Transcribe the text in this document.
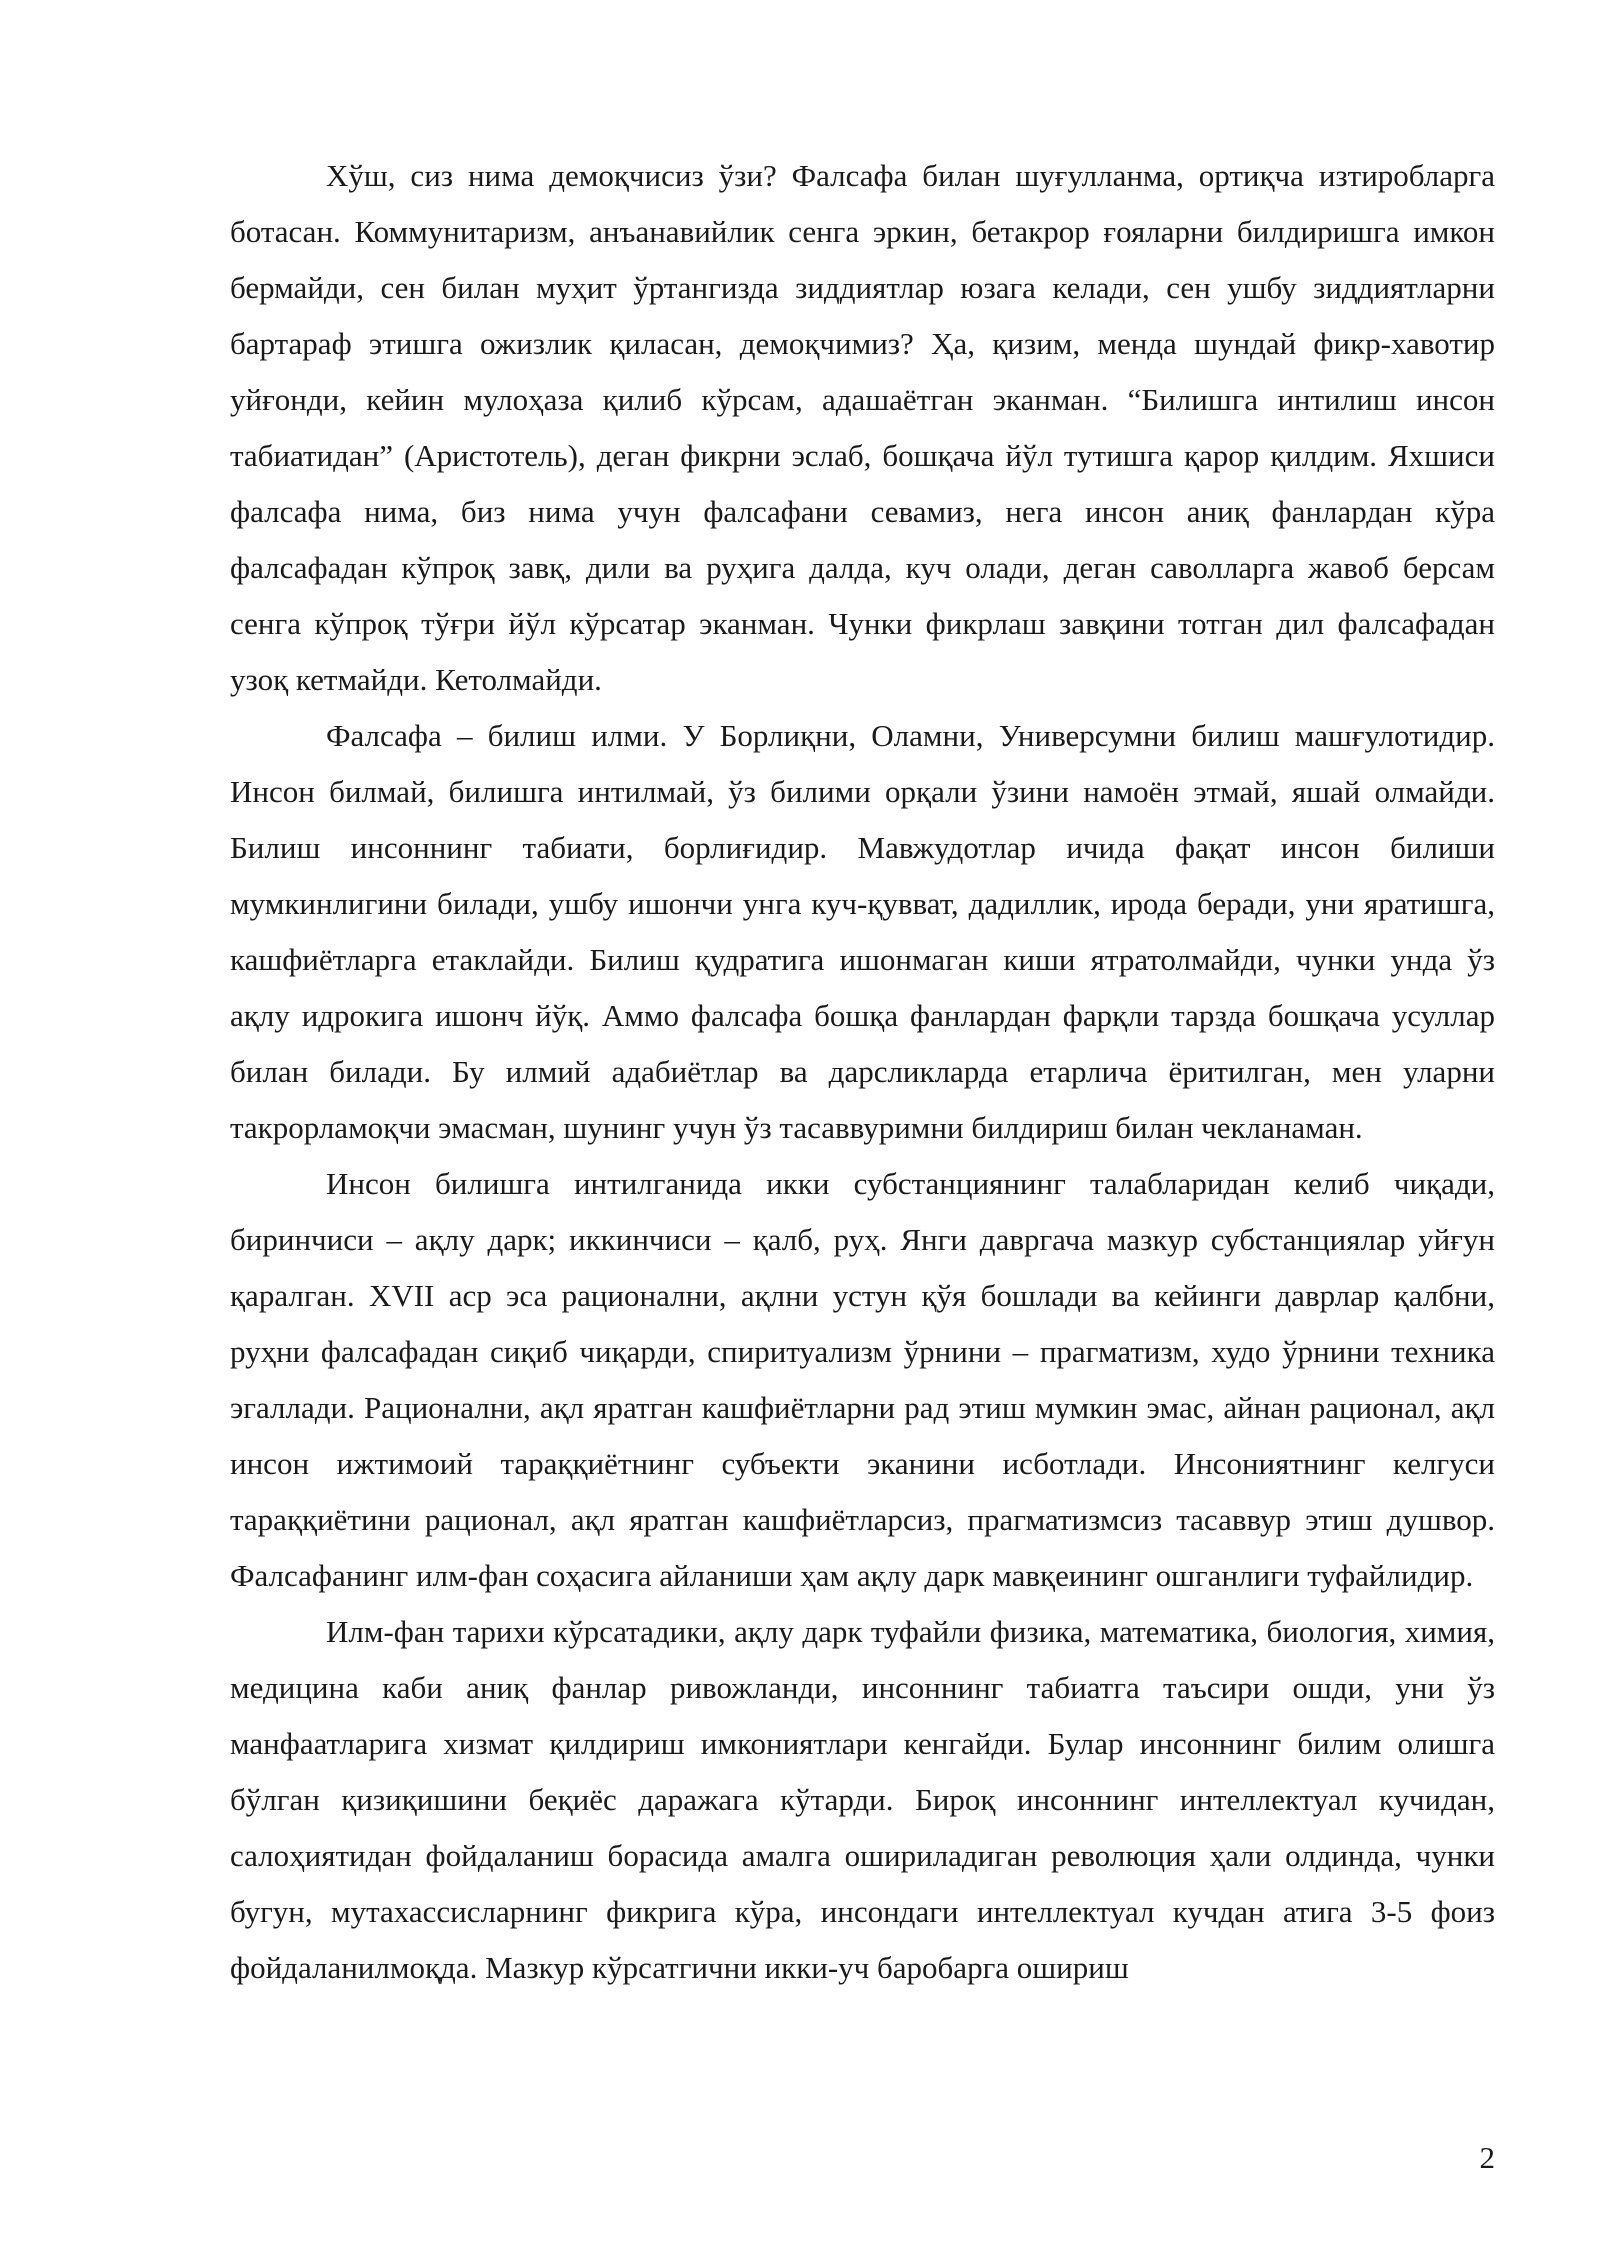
Хўш, сиз нима демоқчисиз ўзи? Фалсафа билан шуғулланма, ортиқча изтиробларга ботасан. Коммунитаризм, анъанавийлик сенга эркин, бетакрор ғояларни билдиришга имкон бермайди, сен билан муҳит ўртангизда зиддиятлар юзага келади, сен ушбу зиддиятларни бартараф этишга ожизлик қиласан, демоқчимиз? Ҳа, қизим, менда шундай фикр-хавотир уйғонди, кейин мулоҳаза қилиб кўрсам, адашаётган эканман. “Билишга интилиш инсон табиатидан” (Аристотель), деган фикрни эслаб, бошқача йўл тутишга қарор қилдим. Яхшиси фалсафа нима, биз нима учун фалсафани севамиз, нега инсон аниқ фанлардан кўра фалсафадан кўпроқ завқ, дили ва руҳига далда, куч олади, деган саволларга жавоб берсам сенга кўпроқ тўғри йўл кўрсатар эканман. Чунки фикрлаш завқини тотган дил фалсафадан узоқ кетмайди. Кетолмайди.

Фалсафа – билиш илми. У Борлиқни, Оламни, Универсумни билиш машғулотидир. Инсон билмай, билишга интилмай, ўз билими орқали ўзини намоён этмай, яшай олмайди. Билиш инсоннинг табиати, борлиғидир. Мавжудотлар ичида фақат инсон билиши мумкинлигини билади, ушбу ишончи унга куч-қувват, дадиллик, ирода беради, уни яратишга, кашфиётларга етаклайди. Билиш қудратига ишонмаган киши ятратолмайди, чунки унда ўз ақлу идрокига ишонч йўқ. Аммо фалсафа бошқа фанлардан фарқли тарзда бошқача усуллар билан билади. Бу илмий адабиётлар ва дарсликларда етарлича ёритилган, мен уларни такрорламоқчи эмасман, шунинг учун ўз тасаввуримни билдириш билан чекланаман.

Инсон билишга интилганида икки субстанциянинг талабларидан келиб чиқади, биринчиси – ақлу дарк; иккинчиси – қалб, руҳ. Янги давргача мазкур субстанциялар уйғун қаралган. XVII аср эса рационални, ақлни устун қўя бошлади ва кейинги даврлар қалбни, руҳни фалсафадан сиқиб чиқарди, спиритуализм ўрнини – прагматизм, худо ўрнини техника эгаллади. Рационални, ақл яратган кашфиётларни рад этиш мумкин эмас, айнан рационал, ақл инсон ижтимоий тараққиётнинг субъекти эканини исботлади. Инсониятнинг келгуси тараққиётини рационал, ақл яратган кашфиётларсиз, прагматизмсиз тасаввур этиш душвор. Фалсафанинг илм-фан соҳасига айланиши ҳам ақлу дарк мавқеининг ошганлиги туфайлидир.

Илм-фан тарихи кўрсатадики, ақлу дарк туфайли физика, математика, биология, химия, медицина каби аниқ фанлар ривожланди, инсоннинг табиатга таъсири ошди, уни ўз манфаатларига хизмат қилдириш имкониятлари кенгайди. Булар инсоннинг билим олишга бўлган қизиқишини беқиёс даражага кўтарди. Бироқ инсоннинг интеллектуал кучидан, салоҳиятидан фойдаланиш борасида амалга ошириладиган революция ҳали олдинда, чунки бугун, мутахассисларнинг фикрига кўра, инсондаги интеллектуал кучдан атига 3-5 фоиз фойдаланилмоқда. Мазкур кўрсатгични икки-уч баробарга ошириш

2
